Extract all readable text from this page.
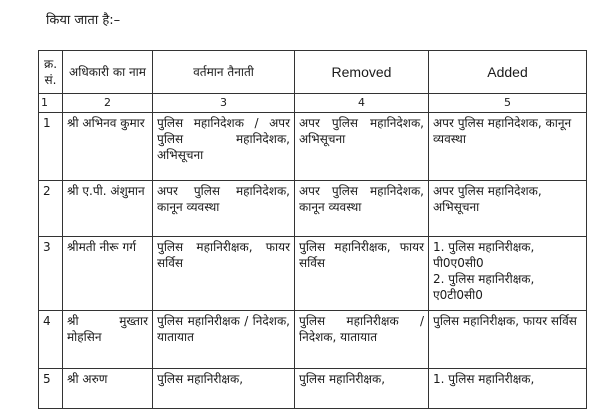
किया जाता है:–
क्र. सं.	अधिकारी का नाम	वर्तमान तैनाती	Removed	Added
1	2	3	4	5
1	श्री अभिनव कुमार	पुलिस महानिदेशक / अपर पुलिस महानिदेशक, अभिसूचना	अपर पुलिस महानिदेशक, अभिसूचना	अपर पुलिस महानिदेशक, कानून व्यवस्था
2	श्री ए.पी. अंशुमान	अपर पुलिस महानिदेशक, कानून व्यवस्था	अपर पुलिस महानिदेशक, कानून व्यवस्था	अपर पुलिस महानिदेशक, अभिसूचना
3	श्रीमती नीरू गर्ग	पुलिस महानिरीक्षक, फायर सर्विस	पुलिस महानिरीक्षक, फायर सर्विस	1. पुलिस महानिरीक्षक, पी0ए0सी0
2. पुलिस महानिरीक्षक, ए0टी0सी0

4	श्री मुख्तार मोहसिन	पुलिस महानिरीक्षक / निदेशक, यातायात	पुलिस महानिरीक्षक / निदेशक, यातायात	पुलिस महानिरीक्षक, फायर सर्विस
5	श्री अरुण	पुलिस महानिरीक्षक,	पुलिस महानिरीक्षक,	1. पुलिस महानिरीक्षक,
